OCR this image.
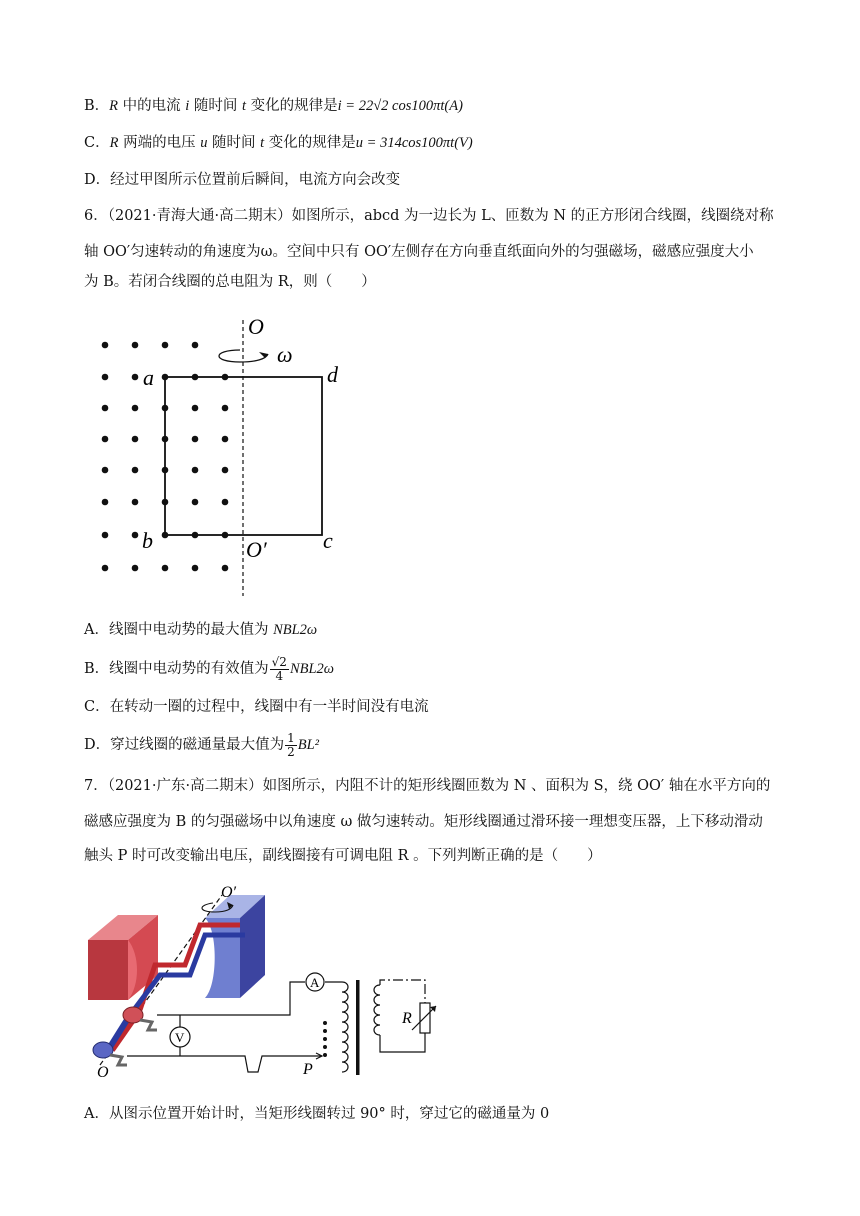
B．R 中的电流 i 随时间 t 变化的规律是i = 22√2 cos100πt(A)
C．R 两端的电压 u 随时间 t 变化的规律是u = 314cos100πt(V)
D．经过甲图所示位置前后瞬间，电流方向会改变
6．（2021·青海大通·高二期末）如图所示，abcd 为一边长为 L、匝数为 N 的正方形闭合线圈，线圈绕对称
轴 OO′匀速转动的角速度为ω。空间中只有 OO′左侧存在方向垂直纸面向外的匀强磁场，磁感应强度大小
为 B。若闭合线圈的总电阻为 R，则（　　）
O
ω
a	d
b	O′	c
A．线圈中电动势的最大值为 NBL2ω
B．线圈中电动势的有效值为 $\frac{√2}{4} NBL2\omega$
C．在转动一圈的过程中，线圈中有一半时间没有电流
D．穿过线圈的磁通量最大值为 $\frac{1}{2} BL^2$
7．（2021·广东·高二期末）如图所示，内阻不计的矩形线圈匝数为 N 、面积为 S，绕 OO′ 轴在水平方向的
磁感应强度为 B 的匀强磁场中以角速度 ω 做匀速转动。矩形线圈通过滑环接一理想变压器，上下移动滑动
触头 P 时可改变输出电压，副线圈接有可调电阻 R 。下列判断正确的是（　　）
A
V
P
R
O′
O
A．从图示位置开始计时，当矩形线圈转过 90° 时，穿过它的磁通量为 0
